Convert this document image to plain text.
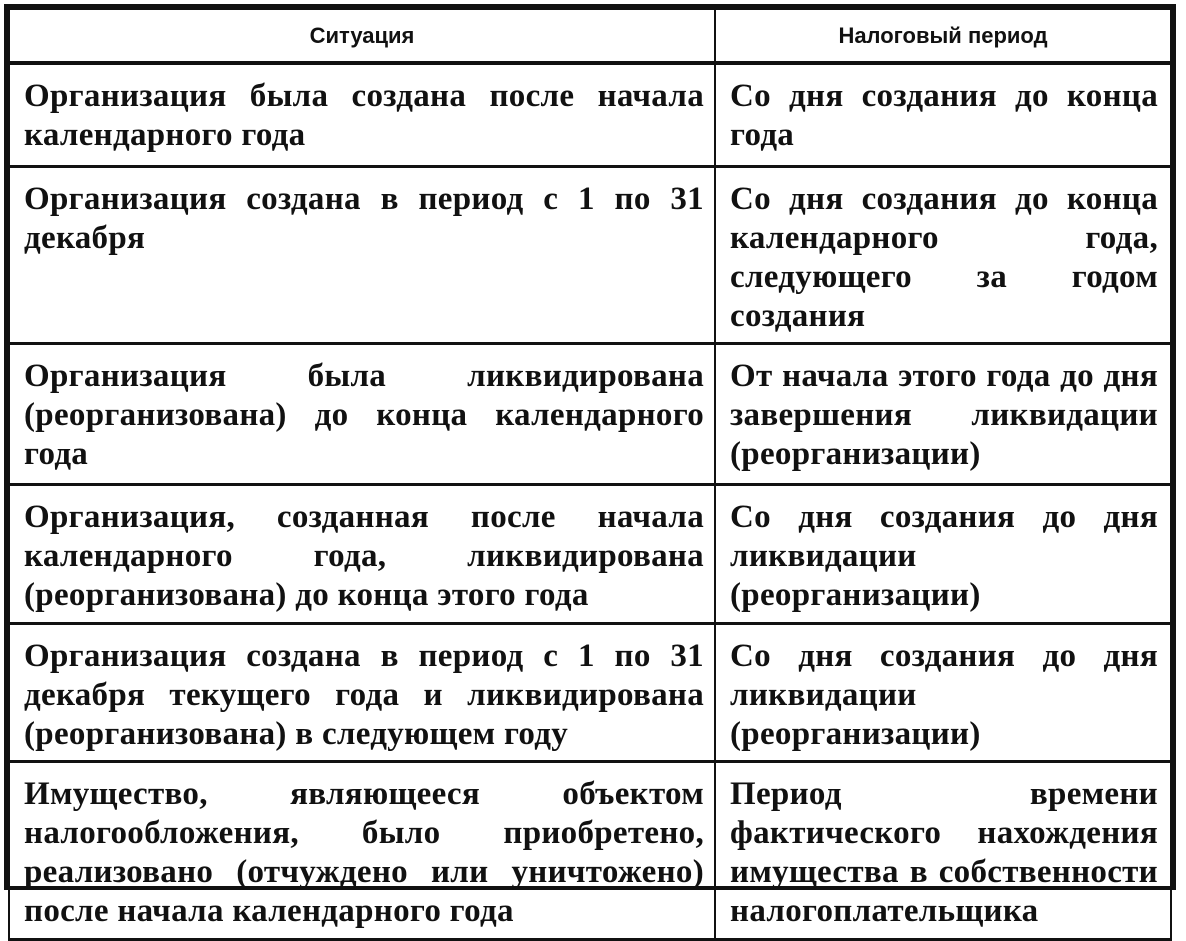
Ситуация	Налоговый период
Организация была создана после начала календарного года	Со дня создания до конца года
Организация создана в период с 1 по 31 декабря	Со дня создания до конца календарного года, следующего за годом создания
Организация была ликвидирована (реорганизована) до конца календарного года	От начала этого года до дня завершения ликвидации (реорганизации)
Организация, созданная после начала календарного года, ликвидирована (реорганизована) до конца этого года	Со дня создания до дня ликвидации (реорганизации)
Организация создана в период с 1 по 31 декабря текущего года и ликвидирована (реорганизована) в следующем году	Со дня создания до дня ликвидации (реорганизации)
Имущество, являющееся объектом налогообложения, было приобретено, реализовано (отчуждено или уничтожено) после начала календарного года	Период времени фактического нахождения имущества в собственности налогоплательщика
